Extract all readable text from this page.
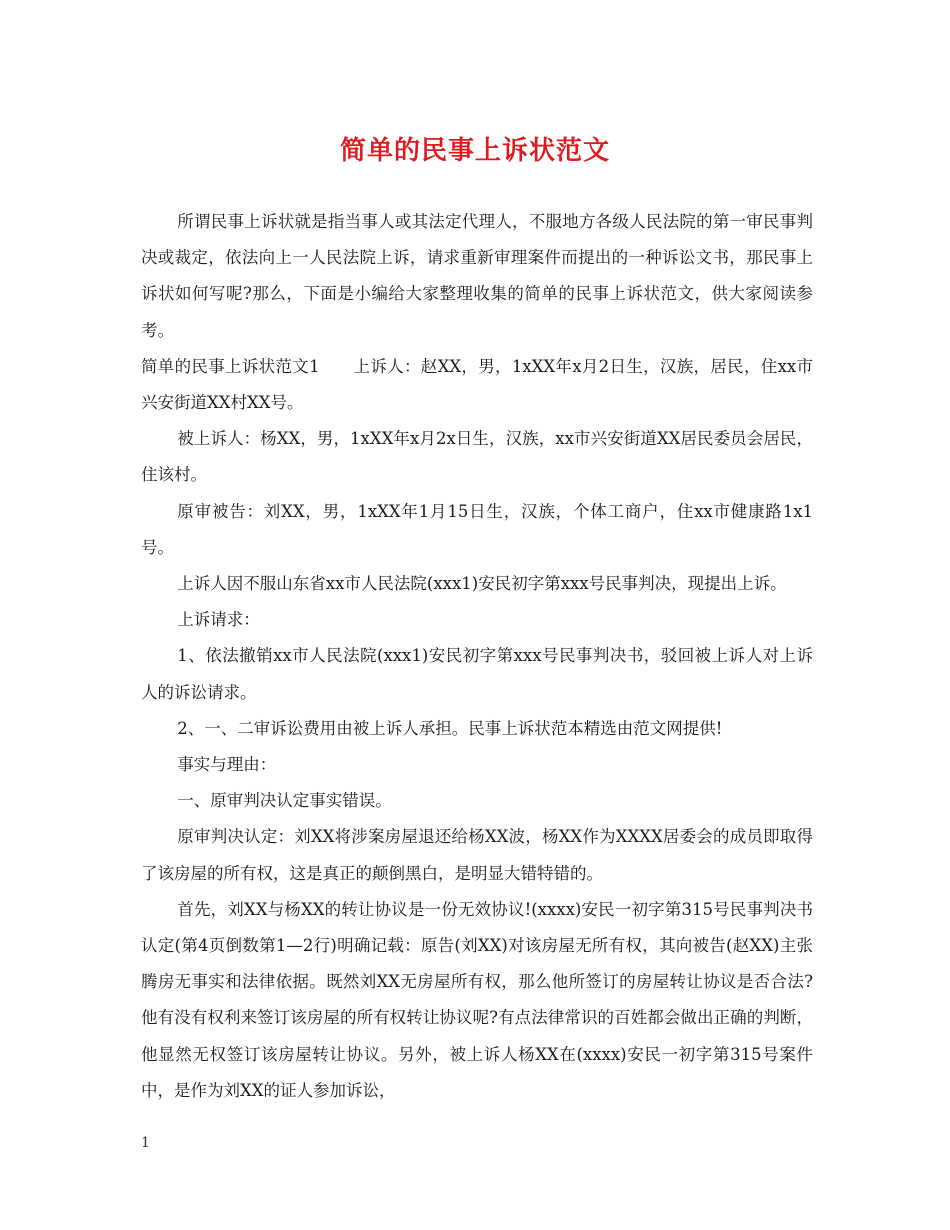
简单的民事上诉状范文

所谓民事上诉状就是指当事人或其法定代理人，不服地方各级人民法院的第一审民事判决或裁定，依法向上一人民法院上诉，请求重新审理案件而提出的一种诉讼文书，那民事上诉状如何写呢?那么，下面是小编给大家整理收集的简单的民事上诉状范文，供大家阅读参考。

简单的民事上诉状范文1　　上诉人：赵XX，男，1xXX年x月2日生，汉族，居民，住xx市兴安街道XX村XX号。

被上诉人：杨XX，男，1xXX年x月2x日生，汉族，xx市兴安街道XX居民委员会居民，住该村。

原审被告：刘XX，男，1xXX年1月15日生，汉族，个体工商户，住xx市健康路1x1号。

上诉人因不服山东省xx市人民法院(xxx1)安民初字第xxx号民事判决，现提出上诉。

上诉请求：

1、依法撤销xx市人民法院(xxx1)安民初字第xxx号民事判决书，驳回被上诉人对上诉人的诉讼请求。

2、一、二审诉讼费用由被上诉人承担。民事上诉状范本精选由范文网提供!

事实与理由：

一、原审判决认定事实错误。

原审判决认定：刘XX将涉案房屋退还给杨XX波，杨XX作为XXXX居委会的成员即取得了该房屋的所有权，这是真正的颠倒黑白，是明显大错特错的。

首先，刘XX与杨XX的转让协议是一份无效协议!(xxxx)安民一初字第315号民事判决书认定(第4页倒数第1—2行)明确记载：原告(刘XX)对该房屋无所有权，其向被告(赵XX)主张腾房无事实和法律依据。既然刘XX无房屋所有权，那么他所签订的房屋转让协议是否合法?他有没有权利来签订该房屋的所有权转让协议呢?有点法律常识的百姓都会做出正确的判断，他显然无权签订该房屋转让协议。另外，被上诉人杨XX在(xxxx)安民一初字第315号案件中，是作为刘XX的证人参加诉讼，

1
